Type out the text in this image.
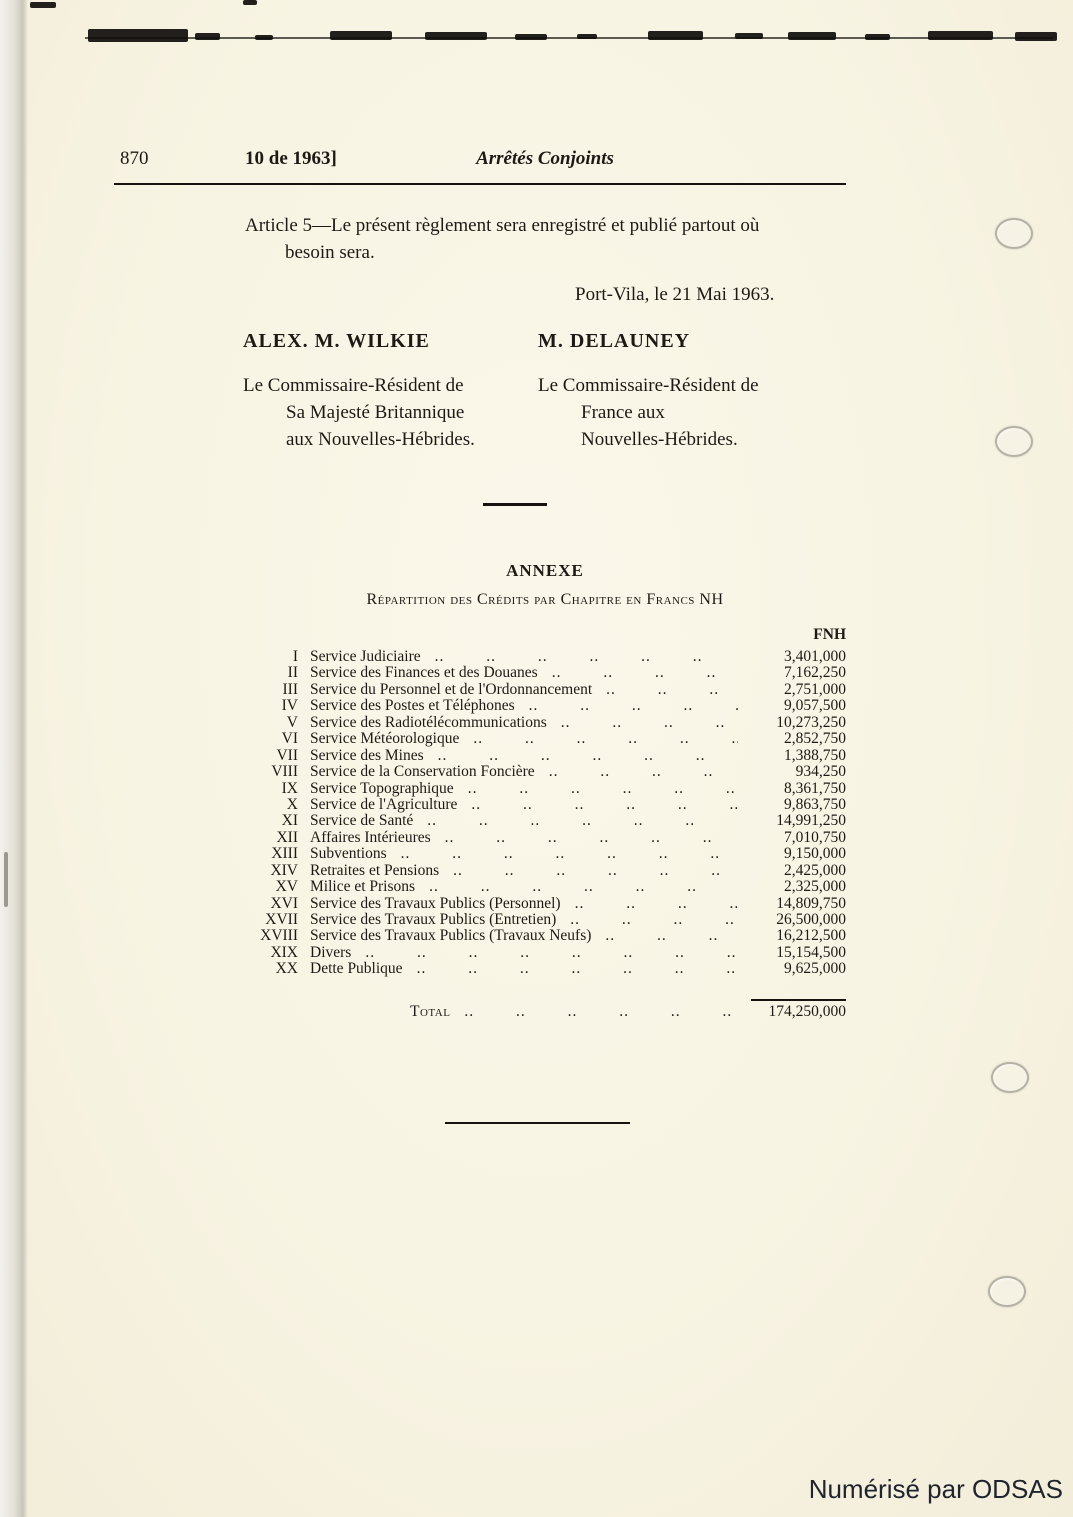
870	10 de 1963]	Arrêtés Conjoints
Article 5—Le présent règlement sera enregistré et publié partout où
besoin sera.
Port-Vila, le 21 Mai 1963.
ALEX. M. WILKIE	M. DELAUNEY
Le Commissaire-Résident de
Sa Majesté Britannique
aux Nouvelles-Hébrides.
Le Commissaire-Résident de
France aux
Nouvelles-Hébrides.
ANNEXE
Répartition des Crédits par Chapitre en Francs NH
FNH
I Service Judiciaire .. ..	3,401,000
II Service des Finances et des Douanes .. ..	7,162,250
III Service du Personnel et de l'Ordonnancement .. ..	2,751,000
IV Service des Postes et Téléphones .. ..	9,057,500
V Service des Radiotélécommunications .. ..	10,273,250
VI Service Météorologique .. ..	2,852,750
VII Service des Mines .. ..	1,388,750
VIII Service de la Conservation Foncière .. ..	934,250
IX Service Topographique .. ..	8,361,750
X Service de l'Agriculture .. ..	9,863,750
XI Service de Santé .. ..	14,991,250
XII Affaires Intérieures .. ..	7,010,750
XIII Subventions .. ..	9,150,000
XIV Retraites et Pensions .. ..	2,425,000
XV Milice et Prisons .. ..	2,325,000
XVI Service des Travaux Publics (Personnel) .. ..	14,809,750
XVII Service des Travaux Publics (Entretien) .. ..	26,500,000
XVIII Service des Travaux Publics (Travaux Neufs) .. ..	16,212,500
XIX Divers .. ..	15,154,500
XX Dette Publique .. ..	9,625,000
Total .. ..	174,250,000
Numérisé par ODSAS
